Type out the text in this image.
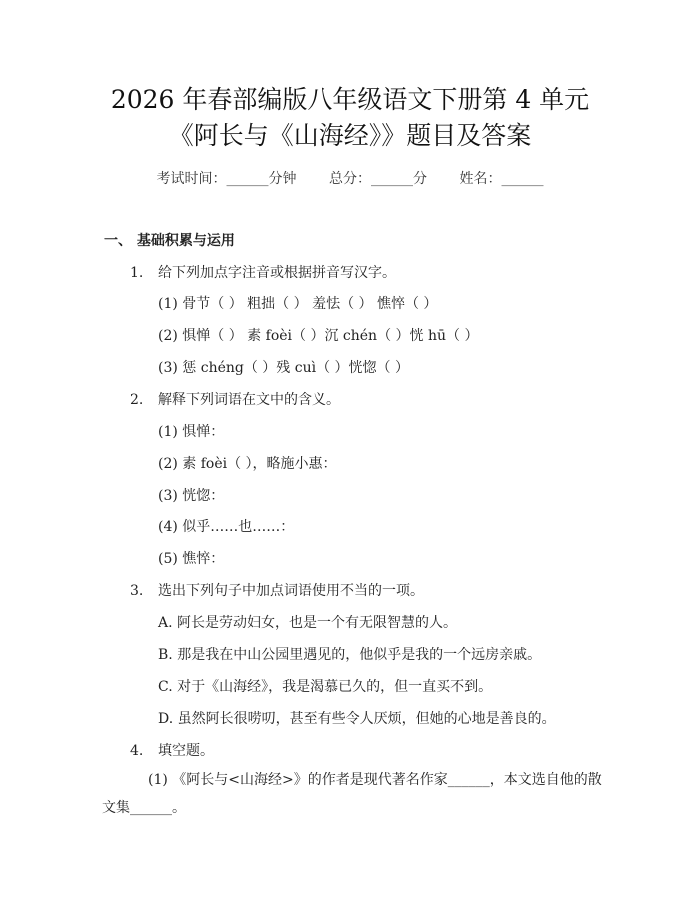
2026 年春部编版八年级语文下册第 4 单元
《阿长与《山海经》》题目及答案
考试时间：______分钟 总分：______分 姓名：______
一、 基础积累与运用
1. 给下列加点字注音或根据拼音写汉字。
(1) 骨节（ ） 粗拙（ ） 羞怯（ ） 憔悴（ ）
(2) 惧惮（ ） 素 foèi（ ）沉 chén（ ）恍 hū（ ）
(3) 惩 chéng（ ）残 cuì（ ）恍惚（ ）
2. 解释下列词语在文中的含义。
(1) 惧惮：
(2) 素 foèi（ ），略施小惠：
(3) 恍惚：
(4) 似乎……也……：
(5) 憔悴：
3. 选出下列句子中加点词语使用不当的一项。
A. 阿长是劳动妇女，也是一个有无限智慧的人。
B. 那是我在中山公园里遇见的，他似乎是我的一个远房亲戚。
C. 对于《山海经》，我是渴慕已久的，但一直买不到。
D. 虽然阿长很唠叨，甚至有些令人厌烦，但她的心地是善良的。
4. 填空题。
(1) 《阿长与<山海经>》的作者是现代著名作家______，本文选自他的散文集______。
